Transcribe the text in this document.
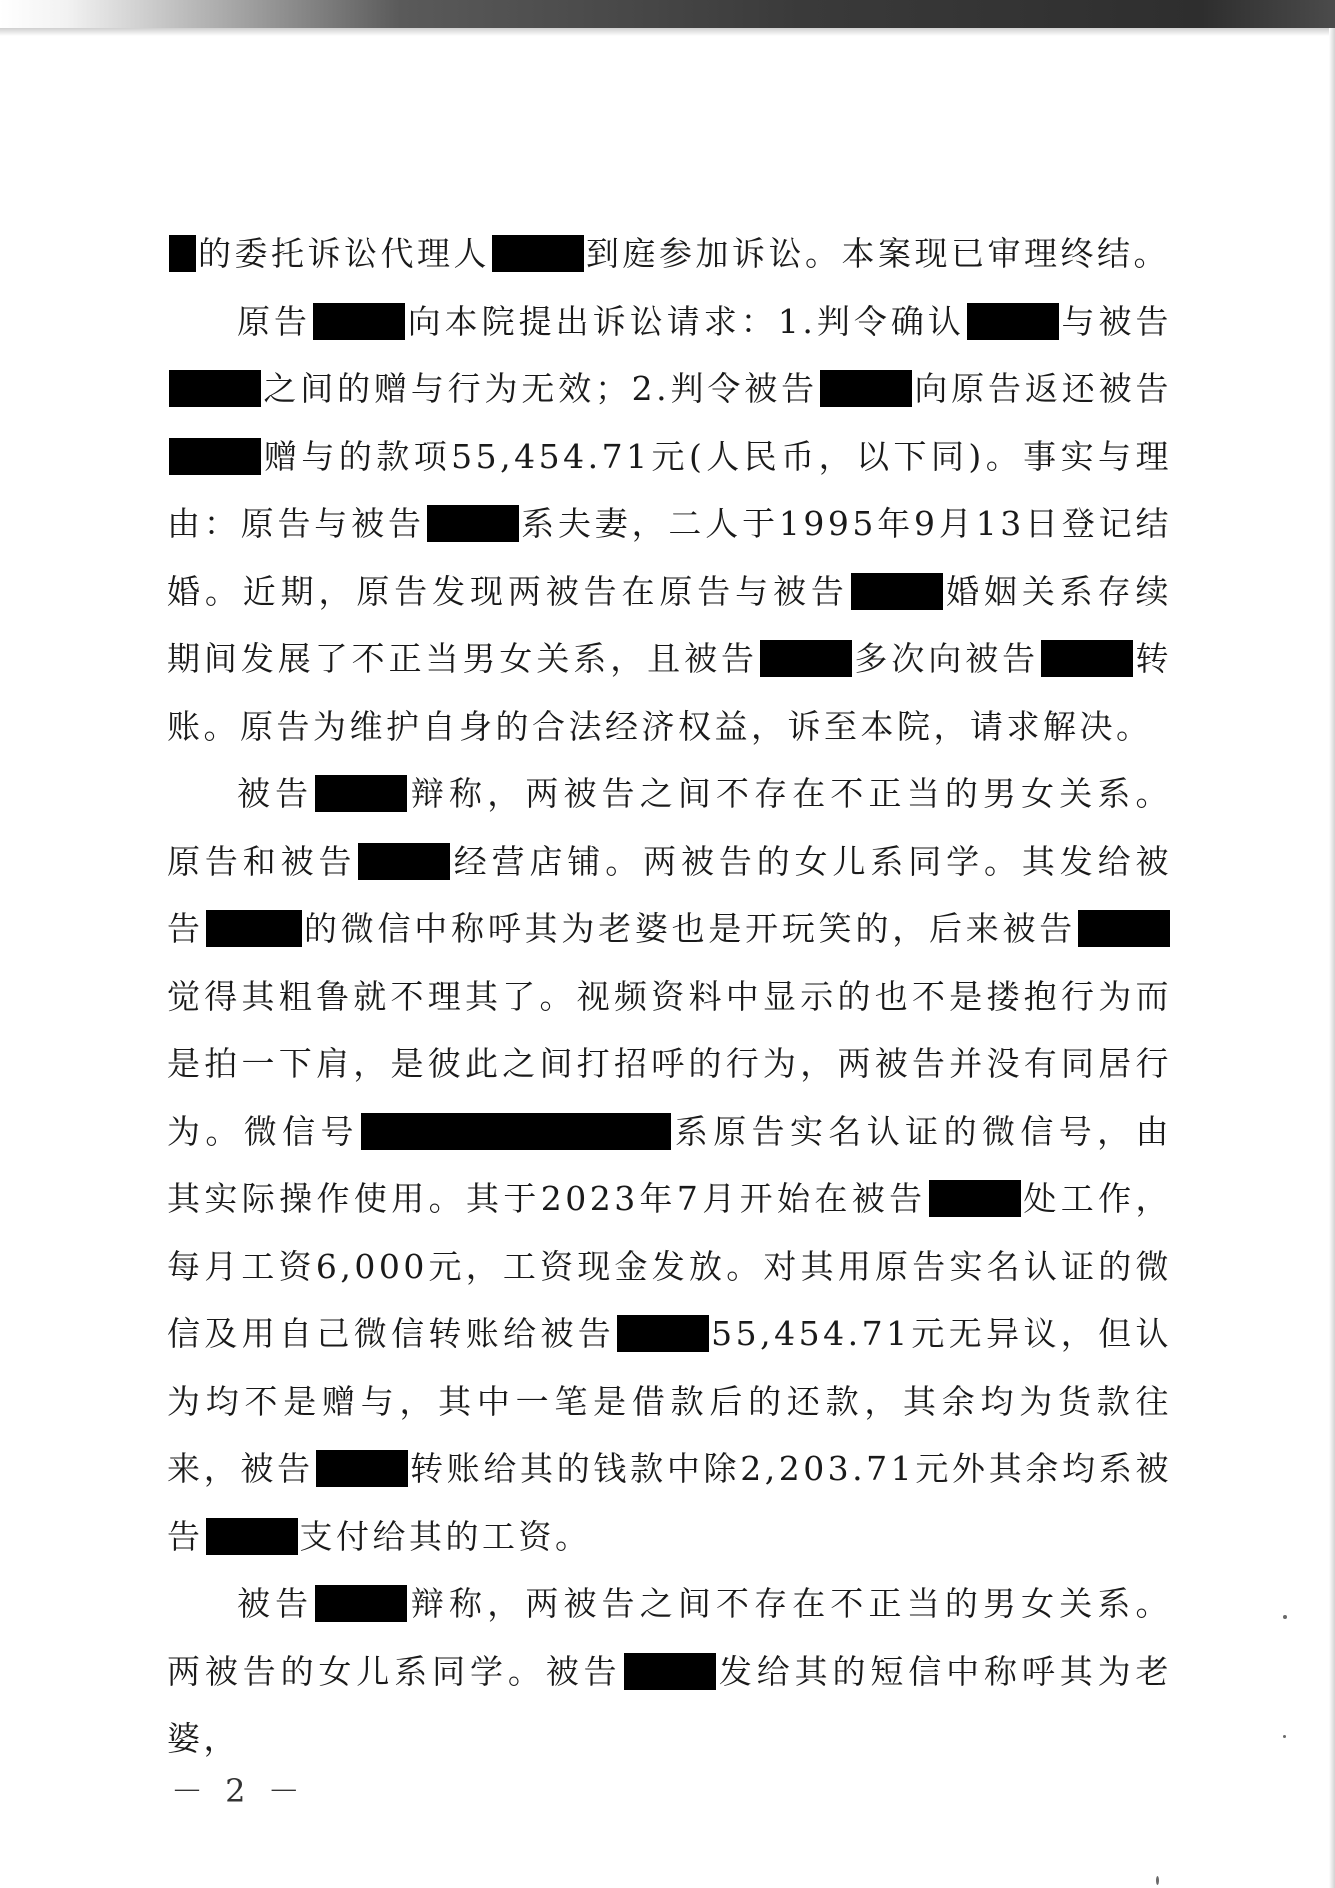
的委托诉讼代理人	到庭参加诉讼。本案现已审理终结。

原告	向本院提出诉讼请求：1.判令确认	与被告之间的赠与行为无效；2.判令被告	向原告返还被告赠与的款项55,454.71元(人民币，以下同)。事实与理由：原告与被告	系夫妻，二人于1995年9月13日登记结婚。近期，原告发现两被告在原告与被告	婚姻关系存续期间发展了不正当男女关系，且被告	多次向被告	转账。原告为维护自身的合法经济权益，诉至本院，请求解决。

被告	辩称，两被告之间不存在不正当的男女关系。原告和被告	经营店铺。两被告的女儿系同学。其发给被告	的微信中称呼其为老婆也是开玩笑的，后来被告觉得其粗鲁就不理其了。视频资料中显示的也不是搂抱行为而是拍一下肩，是彼此之间打招呼的行为，两被告并没有同居行为。微信号	系原告实名认证的微信号，由其实际操作使用。其于2023年7月开始在被告	处工作，每月工资6,000元，工资现金发放。对其用原告实名认证的微信及用自己微信转账给被告	55,454.71元无异议，但认为均不是赠与，其中一笔是借款后的还款，其余均为货款往来，被告	转账给其的钱款中除2,203.71元外其余均系被告	支付给其的工资。

被告	辩称，两被告之间不存在不正当的男女关系。两被告的女儿系同学。被告	发给其的短信中称呼其为老婆，

－ 2 －
